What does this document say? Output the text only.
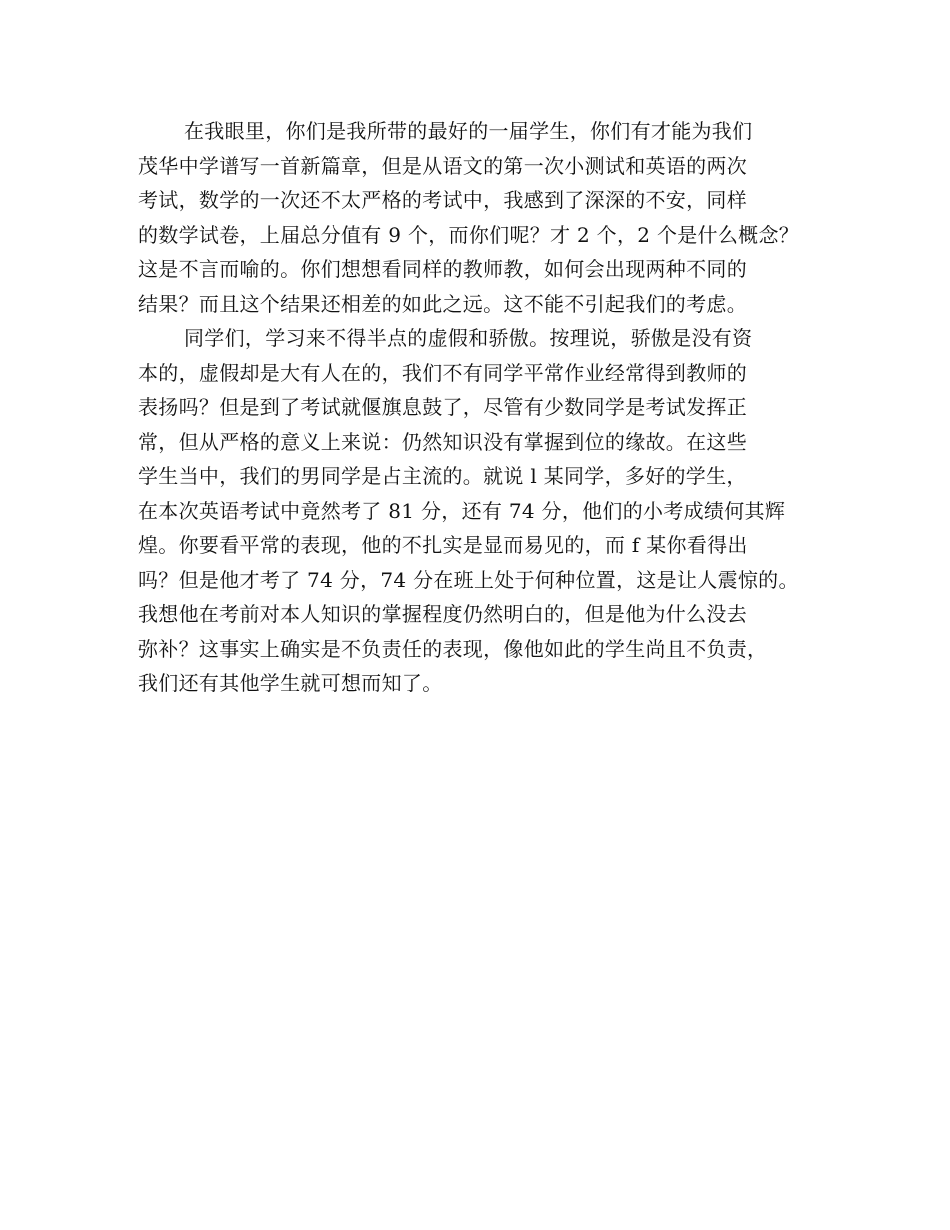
在我眼里，你们是我所带的最好的一届学生，你们有才能为我们
茂华中学谱写一首新篇章，但是从语文的第一次小测试和英语的两次
考试，数学的一次还不太严格的考试中，我感到了深深的不安，同样
的数学试卷，上届总分值有 9 个，而你们呢？才 2 个，2 个是什么概念？
这是不言而喻的。你们想想看同样的教师教，如何会出现两种不同的
结果？而且这个结果还相差的如此之远。这不能不引起我们的考虑。
同学们，学习来不得半点的虚假和骄傲。按理说，骄傲是没有资
本的，虚假却是大有人在的，我们不有同学平常作业经常得到教师的
表扬吗？但是到了考试就偃旗息鼓了，尽管有少数同学是考试发挥正
常，但从严格的意义上来说：仍然知识没有掌握到位的缘故。在这些
学生当中，我们的男同学是占主流的。就说 l 某同学，多好的学生，
在本次英语考试中竟然考了 81 分，还有 74 分，他们的小考成绩何其辉
煌。你要看平常的表现，他的不扎实是显而易见的，而 f 某你看得出
吗？但是他才考了 74 分，74 分在班上处于何种位置，这是让人震惊的。
我想他在考前对本人知识的掌握程度仍然明白的，但是他为什么没去
弥补？这事实上确实是不负责任的表现，像他如此的学生尚且不负责，
我们还有其他学生就可想而知了。
